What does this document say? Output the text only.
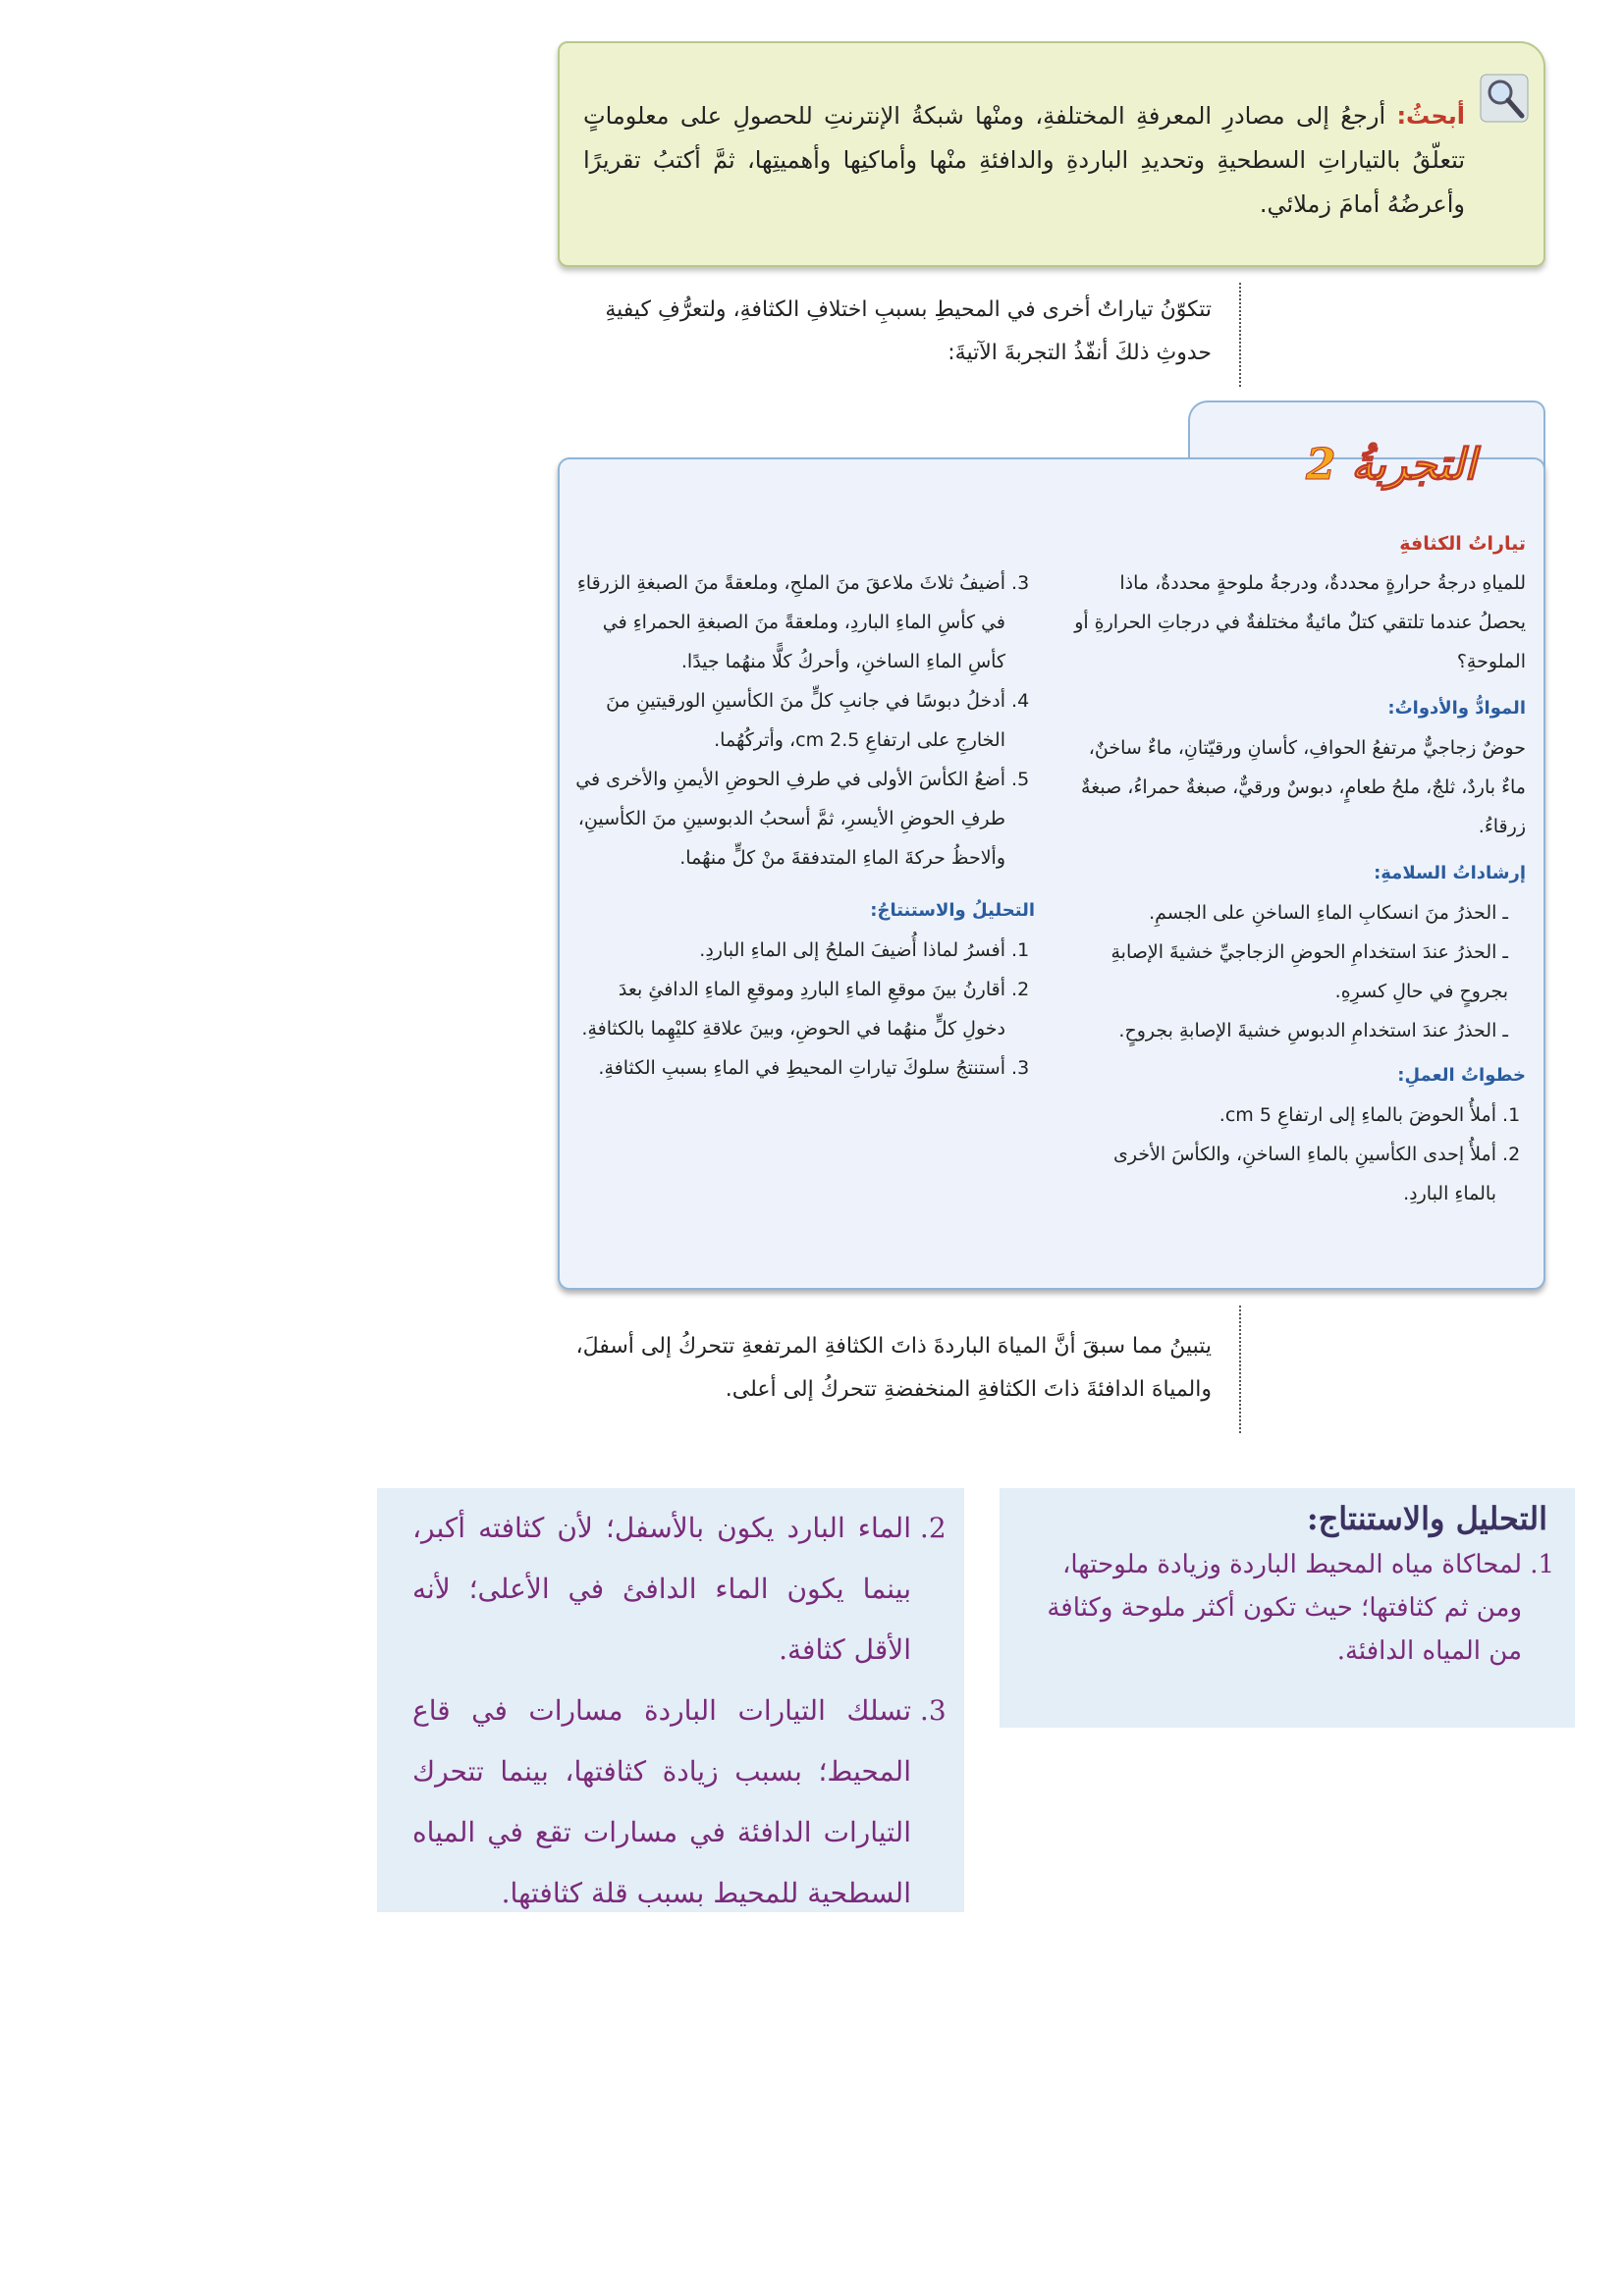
أبحثُ: أرجعُ إلى مصادرِ المعرفةِ المختلفةِ، ومنْها شبكةُ الإنترنتِ للحصولِ على معلوماتٍ تتعلّقُ بالتياراتِ السطحيةِ وتحديدِ الباردةِ والدافئةِ منْها وأماكنِها وأهميتِها، ثمَّ أكتبُ تقريرًا وأعرضُهُ أمامَ زملائي.
تتكوّنُ تياراتٌ أخرى في المحيطِ بسببِ اختلافِ الكثافةِ، ولتعرُّفِ كيفيةِ حدوثِ ذلكَ أنفّذُ التجربةَ الآتيةَ:
التجربةُ 2
تياراتُ الكثافةِ
للمياهِ درجةُ حرارةٍ محددةٌ، ودرجةُ ملوحةٍ محددةٌ، ماذا يحصلُ عندما تلتقي كتلٌ مائيةٌ مختلفةٌ في درجاتِ الحرارةِ أو الملوحةِ؟
الموادُّ والأدواتُ:
حوضٌ زجاجيٌّ مرتفعُ الحوافِ، كأسانِ ورقيّتانِ، ماءٌ ساخنٌ، ماءٌ باردٌ، ثلجٌ، ملحُ طعامٍ، دبوسٌ ورقيٌّ، صبغةٌ حمراءُ، صبغةٌ زرقاءُ.
إرشاداتُ السلامةِ:
ـ الحذرُ منَ انسكابِ الماءِ الساخنِ على الجسمِ.
ـ الحذرُ عندَ استخدامِ الحوضِ الزجاجيِّ خشيةَ الإصابةِ بجروحٍ في حالِ كسرِهِ.
ـ الحذرُ عندَ استخدامِ الدبوسِ خشيةَ الإصابةِ بجروحٍ.
خطواتُ العملِ:
1. أملأُ الحوضَ بالماءِ إلى ارتفاعِ 5 cm.
2. أملأُ إحدى الكأسينِ بالماءِ الساخنِ، والكأسَ الأخرى بالماءِ الباردِ.
3. أضيفُ ثلاثَ ملاعقَ منَ الملحِ، وملعقةً منَ الصبغةِ الزرقاءِ في كأسِ الماءِ الباردِ، وملعقةً منَ الصبغةِ الحمراءِ في كأسِ الماءِ الساخنِ، وأحركُ كلًّا منهُما جيدًا.
4. أدخلُ دبوسًا في جانبِ كلٍّ منَ الكأسينِ الورقيتينِ منَ الخارجِ على ارتفاعِ 2.5 cm، وأتركُهُما.
5. أضعُ الكأسَ الأولى في طرفِ الحوضِ الأيمنِ والأخرى في طرفِ الحوضِ الأيسرِ، ثمَّ أسحبُ الدبوسينِ منَ الكأسينِ، وألاحظُ حركةَ الماءِ المتدفقةَ منْ كلٍّ منهُما.
التحليلُ والاستنتاجُ:
1. أفسرُ لماذا أُضيفَ الملحُ إلى الماءِ الباردِ.
2. أقارنُ بينَ موقعِ الماءِ الباردِ وموقعِ الماءِ الدافئِ بعدَ دخولِ كلٍّ منهُما في الحوضِ، وبينَ علاقةِ كليْهِما بالكثافةِ.
3. أستنتجُ سلوكَ تياراتِ المحيطِ في الماءِ بسببِ الكثافةِ.
يتبينُ مما سبقَ أنَّ المياهَ الباردةَ ذاتَ الكثافةِ المرتفعةِ تتحركُ إلى أسفلَ، والمياهَ الدافئةَ ذاتَ الكثافةِ المنخفضةِ تتحركُ إلى أعلى.
التحليل والاستنتاج:
1. لمحاكاة مياه المحيط الباردة وزيادة ملوحتها، ومن ثم كثافتها؛ حيث تكون أكثر ملوحة وكثافة من المياه الدافئة.
2. الماء البارد يكون بالأسفل؛ لأن كثافته أكبر، بينما يكون الماء الدافئ في الأعلى؛ لأنه الأقل كثافة.
3. تسلك التيارات الباردة مسارات في قاع المحيط؛ بسبب زيادة كثافتها، بينما تتحرك التيارات الدافئة في مسارات تقع في المياه السطحية للمحيط بسبب قلة كثافتها.
